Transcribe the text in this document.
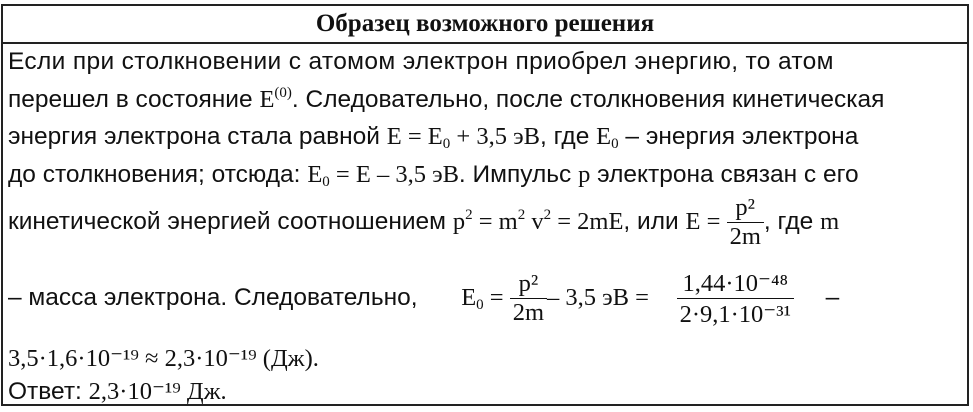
Образец возможного решения
Если при столкновении с атомом электрон приобрел энергию, то атом
перешел в состояние $E^{(0)}$. Следовательно, после столкновения кинетическая
энергия электрона стала равной $E = E_0 + 3,5$ эВ, где $E_0$ – энергия электрона
до столкновения; отсюда: $E_0 = E - 3,5$ эВ. Импульс p электрона связан с его
кинетической энергией соотношением $p^2 = m^2$ $v^2 = 2mE$, или $E = \frac{\text{p²}}{2m}$ , где m
– масса электрона. Следовательно, $E_0 = \frac{\text{p²}}{2m} - 3,5$ эВ = $\frac{\text{1,44·10⁻⁴⁸}}{\text{2·9,1·10⁻³¹}}$ –
3,5·1,6·10⁻¹⁹ ≈ 2,3·10⁻¹⁹ (Дж).
Ответ: 2,3·10⁻¹⁹ Дж.
